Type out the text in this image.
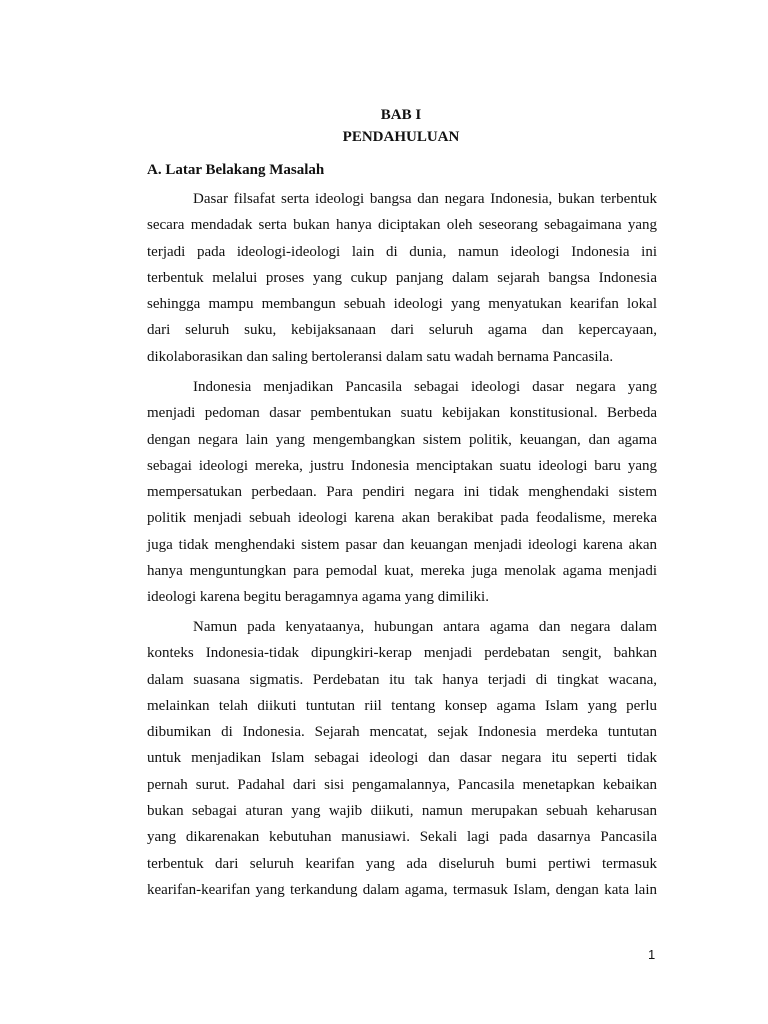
BAB I
PENDAHULUAN
A. Latar Belakang Masalah
Dasar filsafat serta ideologi bangsa dan negara Indonesia, bukan terbentuk
secara mendadak serta bukan hanya diciptakan oleh seseorang sebagaimana yang
terjadi pada ideologi-ideologi lain di dunia, namun ideologi Indonesia ini
terbentuk melalui proses yang cukup panjang dalam sejarah bangsa Indonesia
sehingga mampu membangun sebuah ideologi yang menyatukan kearifan lokal
dari seluruh suku, kebijaksanaan dari seluruh agama dan kepercayaan,
dikolaborasikan dan saling bertoleransi dalam satu wadah bernama Pancasila.
Indonesia menjadikan Pancasila sebagai ideologi dasar negara yang
menjadi pedoman dasar pembentukan suatu kebijakan konstitusional. Berbeda
dengan negara lain yang mengembangkan sistem politik, keuangan, dan agama
sebagai ideologi mereka, justru Indonesia menciptakan suatu ideologi baru yang
mempersatukan perbedaan. Para pendiri negara ini tidak menghendaki sistem
politik menjadi sebuah ideologi karena akan berakibat pada feodalisme, mereka
juga tidak menghendaki sistem pasar dan keuangan menjadi ideologi karena akan
hanya menguntungkan para pemodal kuat, mereka juga menolak agama menjadi
ideologi karena begitu beragamnya agama yang dimiliki.
Namun pada kenyataanya, hubungan antara agama dan negara dalam
konteks Indonesia-tidak dipungkiri-kerap menjadi perdebatan sengit, bahkan
dalam suasana sigmatis. Perdebatan itu tak hanya terjadi di tingkat wacana,
melainkan telah diikuti tuntutan riil tentang konsep agama Islam yang perlu
dibumikan di Indonesia. Sejarah mencatat, sejak Indonesia merdeka tuntutan
untuk menjadikan Islam sebagai ideologi dan dasar negara itu seperti tidak
pernah surut. Padahal dari sisi pengamalannya, Pancasila menetapkan kebaikan
bukan sebagai aturan yang wajib diikuti, namun merupakan sebuah keharusan
yang dikarenakan kebutuhan manusiawi. Sekali lagi pada dasarnya Pancasila
terbentuk dari seluruh kearifan yang ada diseluruh bumi pertiwi termasuk
kearifan-kearifan yang terkandung dalam agama, termasuk Islam, dengan kata lain

1
